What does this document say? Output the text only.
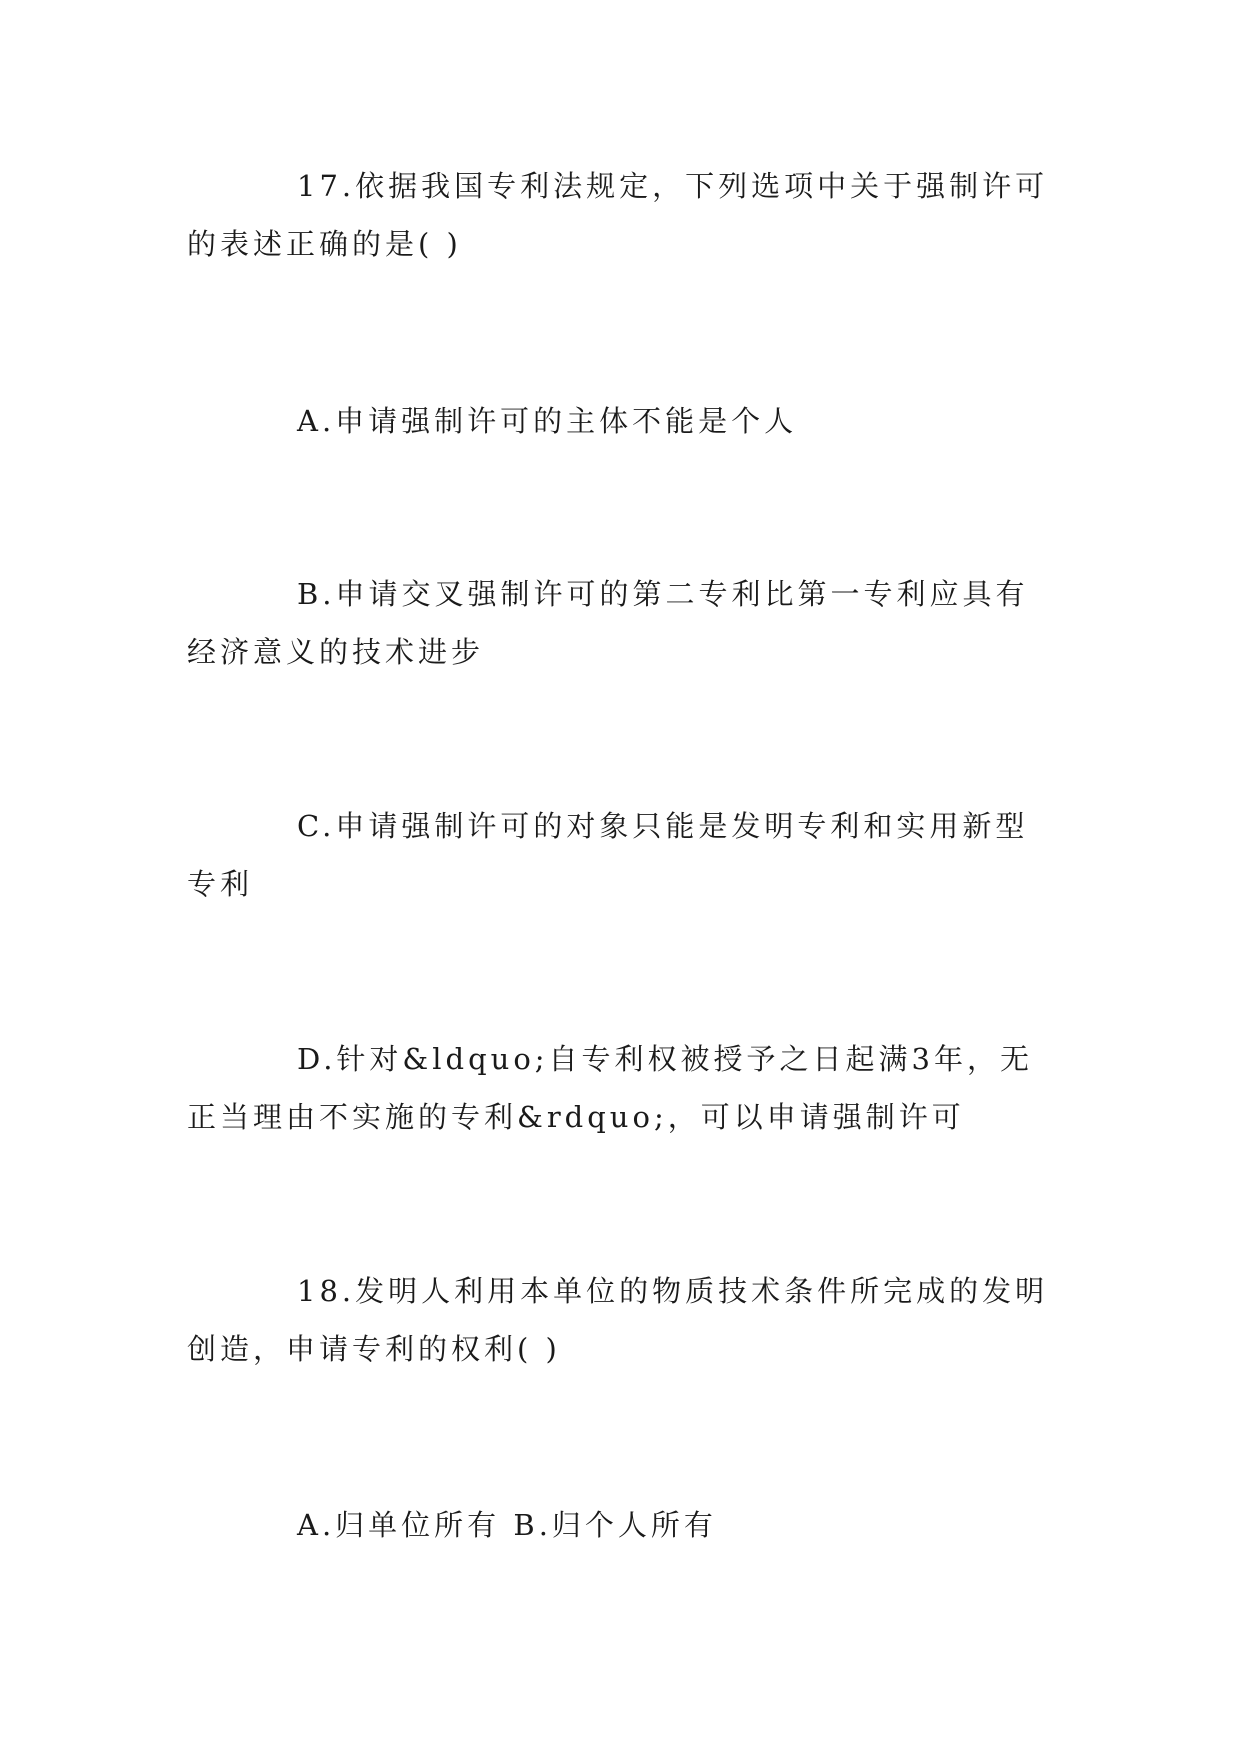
17.依据我国专利法规定，下列选项中关于强制许可的表述正确的是( )

A.申请强制许可的主体不能是个人

B.申请交叉强制许可的第二专利比第一专利应具有经济意义的技术进步

C.申请强制许可的对象只能是发明专利和实用新型专利

D.针对&ldquo;自专利权被授予之日起满3年，无正当理由不实施的专利&rdquo;，可以申请强制许可

18.发明人利用本单位的物质技术条件所完成的发明创造，申请专利的权利( )

A.归单位所有 B.归个人所有
